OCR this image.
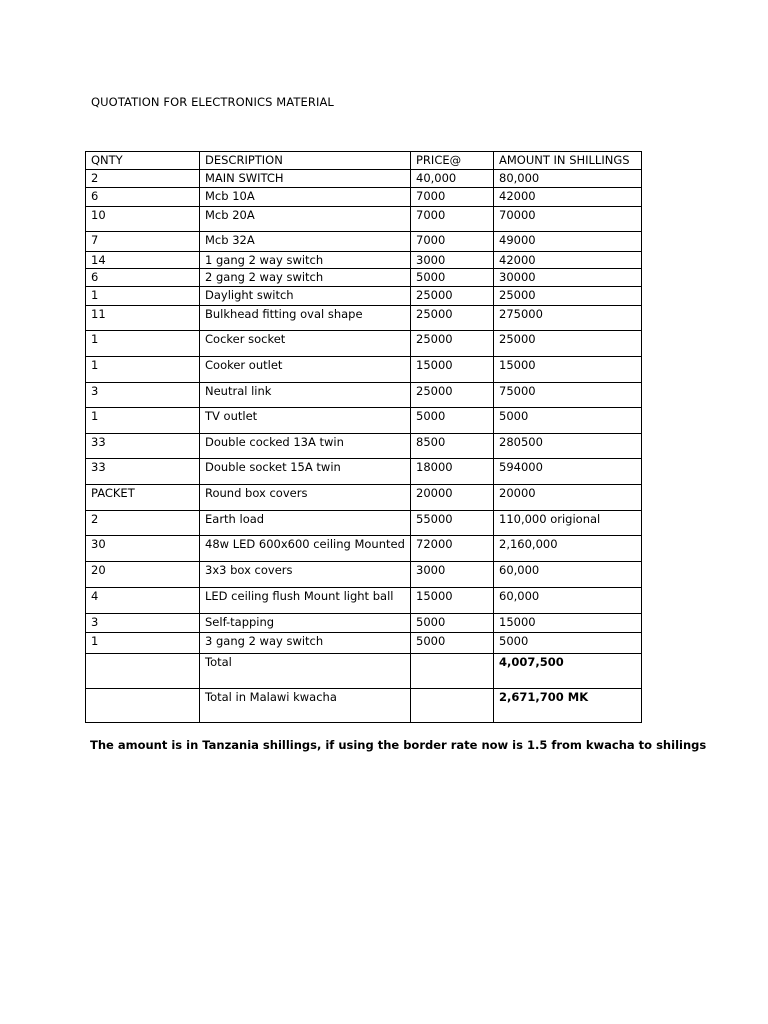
QUOTATION FOR ELECTRONICS MATERIAL
QNTY	DESCRIPTION	PRICE@	AMOUNT IN SHILLINGS
2	MAIN SWITCH	40,000	80,000
6	Mcb 10A	7000	42000
10	Mcb 20A	7000	70000
7	Mcb 32A	7000	49000
14	1 gang 2 way switch	3000	42000
6	2 gang 2 way switch	5000	30000
1	Daylight switch	25000	25000
11	Bulkhead fitting oval shape	25000	275000
1	Cocker socket	25000	25000
1	Cooker outlet	15000	15000
3	Neutral link	25000	75000
1	TV outlet	5000	5000
33	Double cocked 13A twin	8500	280500
33	Double socket 15A twin	18000	594000
PACKET	Round box covers	20000	20000
2	Earth load	55000	110,000 origional
30	48w LED 600x600 ceiling Mounted	72000	2,160,000
20	3x3 box covers	3000	60,000
4	LED ceiling flush Mount light ball	15000	60,000
3	Self-tapping	5000	15000
1	3 gang 2 way switch	5000	5000
	Total		4,007,500
	Total in Malawi kwacha		2,671,700 MK
The amount is in Tanzania shillings, if using the border rate now is 1.5 from kwacha to shilings
